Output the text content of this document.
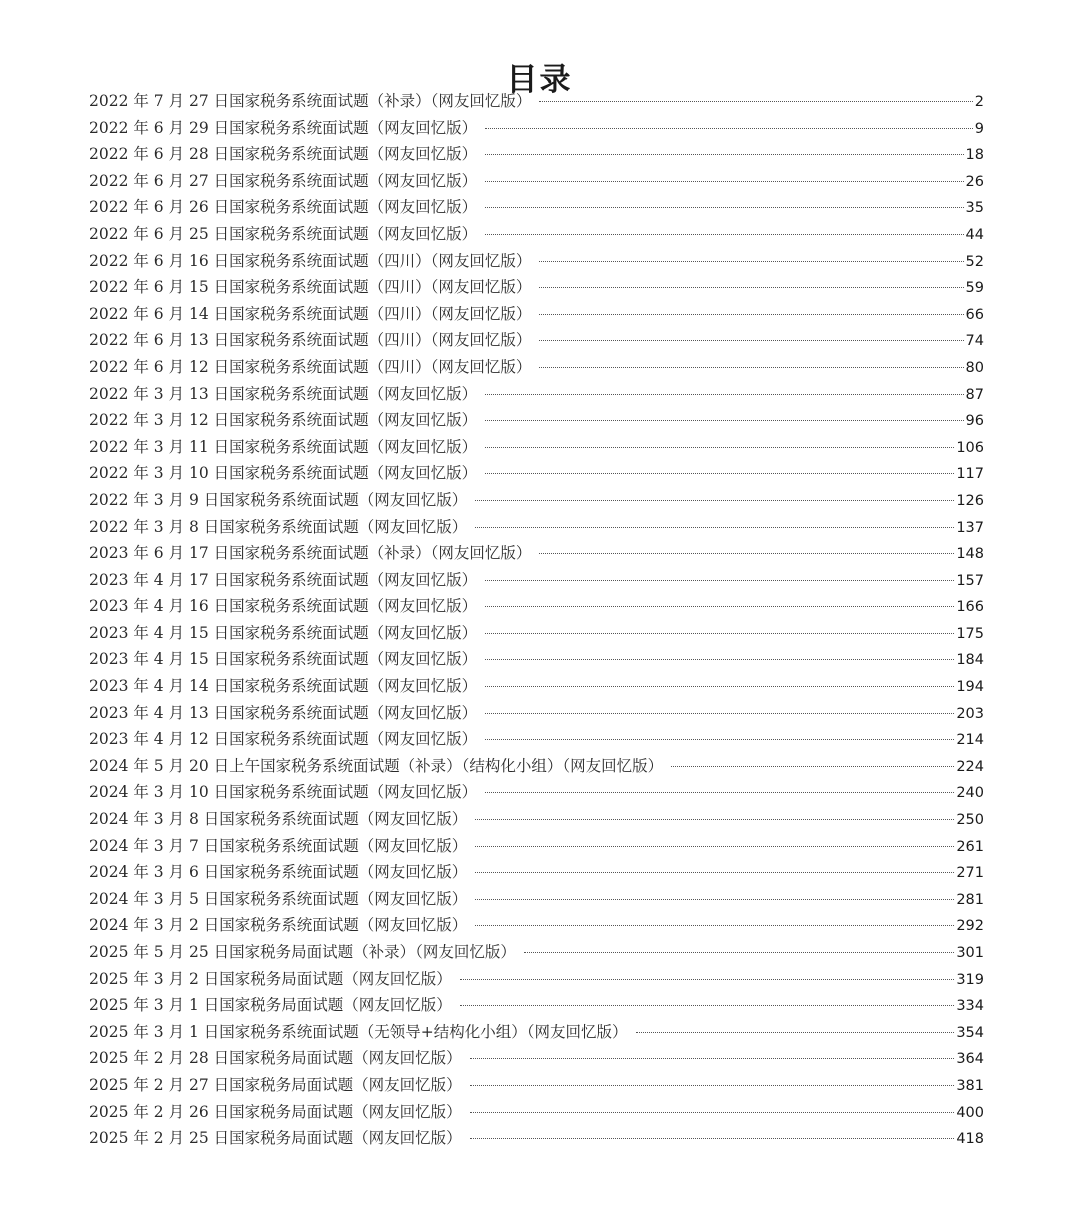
目录
2022 年 7 月 27 日国家税务系统面试题（补录）（网友回忆版）	2
2022 年 6 月 29 日国家税务系统面试题（网友回忆版）	9
2022 年 6 月 28 日国家税务系统面试题（网友回忆版）	18
2022 年 6 月 27 日国家税务系统面试题（网友回忆版）	26
2022 年 6 月 26 日国家税务系统面试题（网友回忆版）	35
2022 年 6 月 25 日国家税务系统面试题（网友回忆版）	44
2022 年 6 月 16 日国家税务系统面试题（四川）（网友回忆版）	52
2022 年 6 月 15 日国家税务系统面试题（四川）（网友回忆版）	59
2022 年 6 月 14 日国家税务系统面试题（四川）（网友回忆版）	66
2022 年 6 月 13 日国家税务系统面试题（四川）（网友回忆版）	74
2022 年 6 月 12 日国家税务系统面试题（四川）（网友回忆版）	80
2022 年 3 月 13 日国家税务系统面试题（网友回忆版）	87
2022 年 3 月 12 日国家税务系统面试题（网友回忆版）	96
2022 年 3 月 11 日国家税务系统面试题（网友回忆版）	106
2022 年 3 月 10 日国家税务系统面试题（网友回忆版）	117
2022 年 3 月 9 日国家税务系统面试题（网友回忆版）	126
2022 年 3 月 8 日国家税务系统面试题（网友回忆版）	137
2023 年 6 月 17 日国家税务系统面试题（补录）（网友回忆版）	148
2023 年 4 月 17 日国家税务系统面试题（网友回忆版）	157
2023 年 4 月 16 日国家税务系统面试题（网友回忆版）	166
2023 年 4 月 15 日国家税务系统面试题（网友回忆版）	175
2023 年 4 月 15 日国家税务系统面试题（网友回忆版）	184
2023 年 4 月 14 日国家税务系统面试题（网友回忆版）	194
2023 年 4 月 13 日国家税务系统面试题（网友回忆版）	203
2023 年 4 月 12 日国家税务系统面试题（网友回忆版）	214
2024 年 5 月 20 日上午国家税务系统面试题（补录）（结构化小组）（网友回忆版）	224
2024 年 3 月 10 日国家税务系统面试题（网友回忆版）	240
2024 年 3 月 8 日国家税务系统面试题（网友回忆版）	250
2024 年 3 月 7 日国家税务系统面试题（网友回忆版）	261
2024 年 3 月 6 日国家税务系统面试题（网友回忆版）	271
2024 年 3 月 5 日国家税务系统面试题（网友回忆版）	281
2024 年 3 月 2 日国家税务系统面试题（网友回忆版）	292
2025 年 5 月 25 日国家税务局面试题（补录）（网友回忆版）	301
2025 年 3 月 2 日国家税务局面试题（网友回忆版）	319
2025 年 3 月 1 日国家税务局面试题（网友回忆版）	334
2025 年 3 月 1 日国家税务系统面试题（无领导+结构化小组）（网友回忆版）	354
2025 年 2 月 28 日国家税务局面试题（网友回忆版）	364
2025 年 2 月 27 日国家税务局面试题（网友回忆版）	381
2025 年 2 月 26 日国家税务局面试题（网友回忆版）	400
2025 年 2 月 25 日国家税务局面试题（网友回忆版）	418
